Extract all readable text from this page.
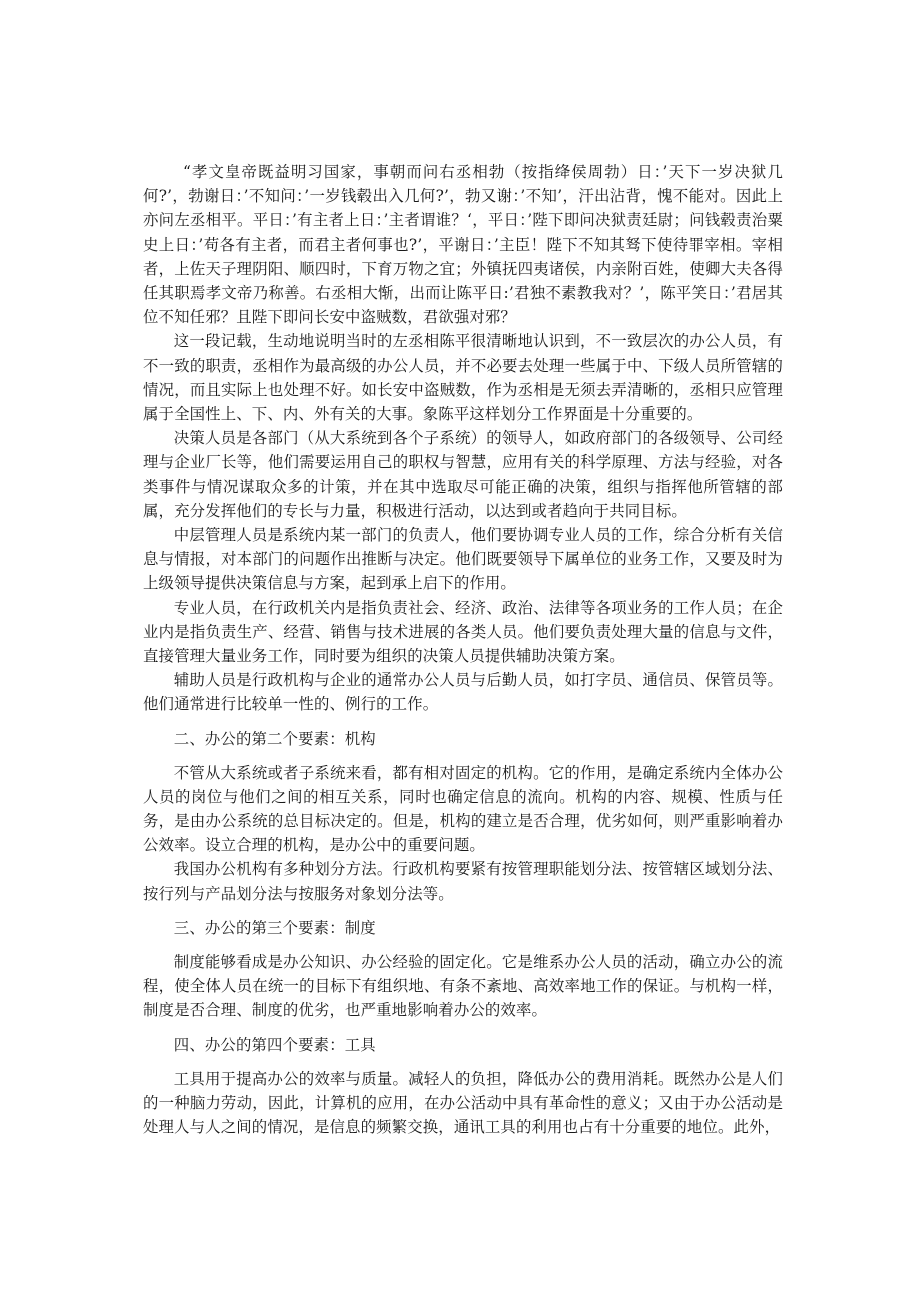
“孝文皇帝既益明习国家，事朝而问右丞相勃（按指绛侯周勃）日：’天下一岁决狱几何?’，勃谢日：’不知问：’一岁钱毂出入几何?’，勃又谢：’不知’，汗出沾背，愧不能对。因此上亦问左丞相平。平日：’有主者上日：’主者谓谁？‘，平日：’陛下即问决狱责廷尉；问钱毂责治粟史上日：’苟各有主者，而君主者何事也?’，平谢日：’主臣！陛下不知其驽下使待罪宰相。宰相者，上佐天子理阴阳、顺四时，下育万物之宜；外镇抚四夷诸侯，内亲附百姓，使卿大夫各得任其职焉孝文帝乃称善。右丞相大惭，出而让陈平日:’君独不素教我对？’，陈平笑日：’君居其位不知任邪？且陛下即问长安中盗贼数，君欲强对邪？

这一段记载，生动地说明当时的左丞相陈平很清晰地认识到，不一致层次的办公人员，有不一致的职责，丞相作为最高级的办公人员，并不必要去处理一些属于中、下级人员所管辖的情况，而且实际上也处理不好。如长安中盗贼数，作为丞相是无须去弄清晰的，丞相只应管理属于全国性上、下、内、外有关的大事。象陈平这样划分工作界面是十分重要的。

决策人员是各部门（从大系统到各个子系统）的领导人，如政府部门的各级领导、公司经理与企业厂长等，他们需要运用自己的职权与智慧，应用有关的科学原理、方法与经验，对各类事件与情况谋取众多的计策，并在其中选取尽可能正确的决策，组织与指挥他所管辖的部属，充分发挥他们的专长与力量，积极进行活动，以达到或者趋向于共同目标。

中层管理人员是系统内某一部门的负责人，他们要协调专业人员的工作，综合分析有关信息与情报，对本部门的问题作出推断与决定。他们既要领导下属单位的业务工作，又要及时为上级领导提供决策信息与方案，起到承上启下的作用。

专业人员，在行政机关内是指负责社会、经济、政治、法律等各项业务的工作人员；在企业内是指负责生产、经营、销售与技术进展的各类人员。他们要负责处理大量的信息与文件，直接管理大量业务工作，同时要为组织的决策人员提供辅助决策方案。

辅助人员是行政机构与企业的通常办公人员与后勤人员，如打字员、通信员、保管员等。他们通常进行比较单一性的、例行的工作。

二、办公的第二个要素：机构

不管从大系统或者子系统来看，都有相对固定的机构。它的作用，是确定系统内全体办公人员的岗位与他们之间的相互关系，同时也确定信息的流向。机构的内容、规模、性质与任务，是由办公系统的总目标决定的。但是，机构的建立是否合理，优劣如何，则严重影响着办公效率。设立合理的机构，是办公中的重要问题。

我国办公机构有多种划分方法。行政机构要紧有按管理职能划分法、按管辖区域划分法、按行列与产品划分法与按服务对象划分法等。

三、办公的第三个要素：制度

制度能够看成是办公知识、办公经验的固定化。它是维系办公人员的活动，确立办公的流程，使全体人员在统一的目标下有组织地、有条不紊地、高效率地工作的保证。与机构一样，制度是否合理、制度的优劣，也严重地影响着办公的效率。

四、办公的第四个要素：工具

工具用于提高办公的效率与质量。减轻人的负担，降低办公的费用消耗。既然办公是人们的一种脑力劳动，因此，计算机的应用，在办公活动中具有革命性的意义；又由于办公活动是处理人与人之间的情况，是信息的频繁交换，通讯工具的利用也占有十分重要的地位。此外，
